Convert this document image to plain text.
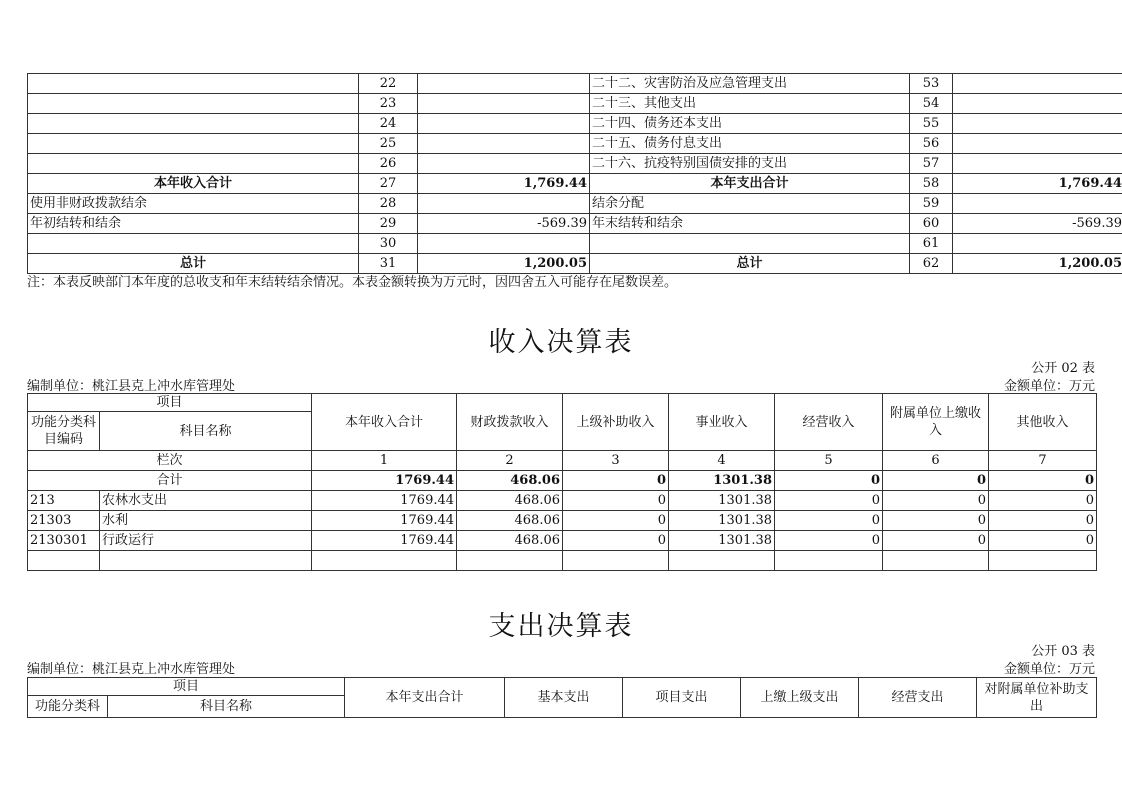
	22		二十二、灾害防治及应急管理支出	53	
	23		二十三、其他支出	54	
	24		二十四、债务还本支出	55	
	25		二十五、债务付息支出	56	
	26		二十六、抗疫特别国债安排的支出	57	
本年收入合计	27	1,769.44	本年支出合计	58	1,769.44
使用非财政拨款结余	28		结余分配	59	
年初结转和结余	29	-569.39	年末结转和结余	60	-569.39
	30			61	
总计	31	1,200.05	总计	62	1,200.05
注：本表反映部门本年度的总收支和年末结转结余情况。本表金额转换为万元时，因四舍五入可能存在尾数误差。
收入决算表
公开 02 表
编制单位：桃江县克上冲水库管理处	金额单位：万元
项目		本年收入合计	财政拨款收入	上级补助收入	事业收入	经营收入	附属单位上缴收入	其他收入
功能分类科目编码	科目名称							
栏次		1	2	3	4	5	6	7
合计		1769.44	468.06	0	1301.38	0	0	0
213	农林水支出	1769.44	468.06	0	1301.38	0	0	0
21303	水利	1769.44	468.06	0	1301.38	0	0	0
2130301	行政运行	1769.44	468.06	0	1301.38	0	0	0

支出决算表
公开 03 表
编制单位：桃江县克上冲水库管理处	金额单位：万元
项目		本年支出合计	基本支出	项目支出	上缴上级支出	经营支出	对附属单位补助支出
功能分类科	科目名称						
